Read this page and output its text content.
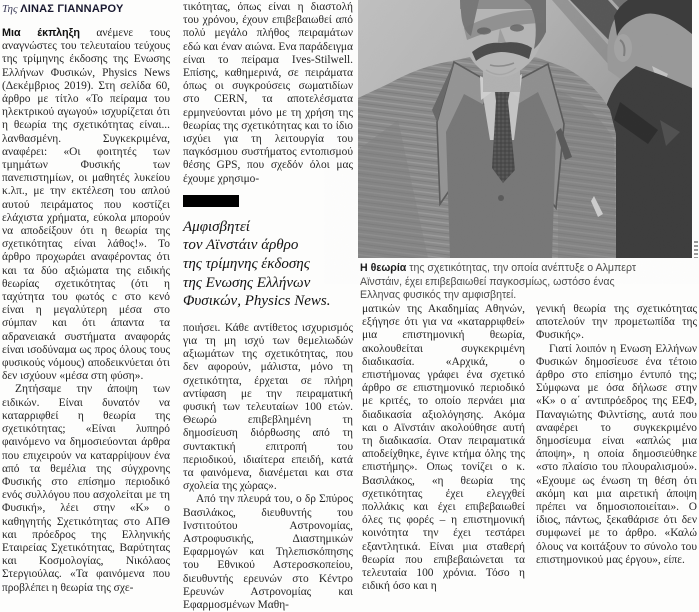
Της ΛΙΝΑΣ ΓΙΑΝΝΑΡΟΥ

Μια έκπληξη ανέμενε τους αναγνώστες του τελευταίου τεύχους της τρίμηνης έκδοσης της Ενωσης Ελλήνων Φυσικών, Physics News (Δεκέμβριος 2019). Στη σελίδα 60, άρθρο με τίτλο «Το πείραμα του ηλεκτρικού αγωγού» ισχυρίζεται ότι η θεωρία της σχετικότητας είναι... λανθασμένη. Συγκεκριμένα, αναφέρει: «Οι φοιτητές των τμημάτων Φυσικής των πανεπιστημίων, οι μαθητές λυκείου κ.λπ., με την εκτέλεση του απλού αυτού πειράματος που κοστίζει ελάχιστα χρήματα, εύκολα μπορούν να αποδείξουν ότι η θεωρία της σχετικότητας είναι λάθος!». Το άρθρο προχωράει αναφέροντας ότι και τα δύο αξιώματα της ειδικής θεωρίας σχετικότητας (ότι η ταχύτητα του φωτός c στο κενό είναι η μεγαλύτερη μέσα στο σύμπαν και ότι άπαντα τα αδρανειακά συστήματα αναφοράς είναι ισοδύναμα ως προς όλους τους φυσικούς νόμους) αποδεικνύεται ότι δεν ισχύουν «μέσα στη φύση».

Ζητήσαμε την άποψη των ειδικών. Είναι δυνατόν να καταρριφθεί η θεωρία της σχετικότητας; «Είναι λυπηρό φαινόμενο να δημοσιεύονται άρθρα που επιχειρούν να καταρρίψουν ένα από τα θεμέλια της σύγχρονης Φυσικής στο επίσημο περιοδικό ενός συλλόγου που ασχολείται με τη Φυσική», λέει στην «Κ» ο καθηγητής Σχετικότητας στο ΑΠΘ και πρόεδρος της Ελληνικής Εταιρείας Σχετικότητας, Βαρύτητας και Κοσμολογίας, Νικόλαος Στεργιούλας. «Τα φαινόμενα που προβλέπει η θεωρία της σχε-

τικότητας, όπως είναι η διαστολή του χρόνου, έχουν επιβεβαιωθεί από πολύ μεγάλο πλήθος πειραμάτων εδώ και έναν αιώνα. Ενα παράδειγμα είναι το πείραμα Ives-Stilwell. Επίσης, καθημερινά, σε πειράματα όπως οι συγκρούσεις σωματιδίων στο CERN, τα αποτελέσματα ερμηνεύονται μόνο με τη χρήση της θεωρίας της σχετικότητας και το ίδιο ισχύει για τη λειτουργία του παγκόσμιου συστήματος εντοπισμού θέσης GPS, που σχεδόν όλοι μας έχουμε χρησιμο-

Αμφισβητεί
τον Αϊνστάιν άρθρο
της τρίμηνης έκδοσης
της Ενωσης Ελλήνων
Φυσικών, Physics News.

ποιήσει. Κάθε αντίθετος ισχυρισμός για τη μη ισχύ των θεμελιωδών αξιωμάτων της σχετικότητας, που δεν αφορούν, μάλιστα, μόνο τη σχετικότητα, έρχεται σε πλήρη αντίφαση με την πειραματική φυσική των τελευταίων 100 ετών. Θεωρώ επιβεβλημένη τη δημοσίευση διόρθωσης από τη συντακτική επιτροπή του περιοδικού, ιδιαίτερα επειδή, κατά τα φαινόμενα, διανέμεται και στα σχολεία της χώρας».

Από την πλευρά του, ο δρ Σπύρος Βασιλάκος, διευθυντής του Ινστιτούτου Αστρονομίας, Αστροφυσικής, Διαστημικών Εφαρμογών και Τηλεπισκόπησης του Εθνικού Αστεροσκοπείου, διευθυντής ερευνών στο Κέντρο Ερευνών Αστρονομίας και Εφαρμοσμένων Μαθη-

Η θεωρία της σχετικότητας, την οποία ανέπτυξε ο Αλμπερτ Αϊνστάιν, έχει επιβεβαιωθεί παγκοσμίως, ωστόσο ένας Ελληνας φυσικός την αμφισβητεί.

ματικών της Ακαδημίας Αθηνών, εξήγησε ότι για να «καταρριφθεί» μια επιστημονική θεωρία, ακολουθείται συγκεκριμένη διαδικασία. «Αρχικά, ο επιστήμονας γράφει ένα σχετικό άρθρο σε επιστημονικό περιοδικό με κριτές, το οποίο περνάει μια διαδικασία αξιολόγησης. Ακόμα και ο Αϊνστάιν ακολούθησε αυτή τη διαδικασία. Οταν πειραματικά αποδείχθηκε, έγινε κτήμα όλης της επιστήμης». Οπως τονίζει ο κ. Βασιλάκος, «η θεωρία της σχετικότητας έχει ελεγχθεί πολλάκις και έχει επιβεβαιωθεί όλες τις φορές – η επιστημονική κοινότητα την έχει τεστάρει εξαντλητικά. Είναι μια σταθερή θεωρία που επιβεβαιώνεται τα τελευταία 100 χρόνια. Τόσο η ειδική όσο και η

γενική θεωρία της σχετικότητας αποτελούν την προμετωπίδα της Φυσικής».

Γιατί λοιπόν η Ενωση Ελλήνων Φυσικών δημοσίευσε ένα τέτοιο άρθρο στο επίσημο έντυπό της; Σύμφωνα με όσα δήλωσε στην «Κ» ο α΄ αντιπρόεδρος της ΕΕΦ, Παναγιώτης Φιλντίσης, αυτά που αναφέρει το συγκεκριμένο δημοσίευμα είναι «απλώς μια άποψη», η οποία δημοσιεύθηκε «στο πλαίσιο του πλουραλισμού». «Εχουμε ως ένωση τη θέση ότι ακόμη και μια αιρετική άποψη πρέπει να δημοσιοποιείται». Ο ίδιος, πάντως, ξεκαθάρισε ότι δεν συμφωνεί με το άρθρο. «Καλώ όλους να κοιτάξουν το σύνολο του επιστημονικού μας έργου», είπε.
